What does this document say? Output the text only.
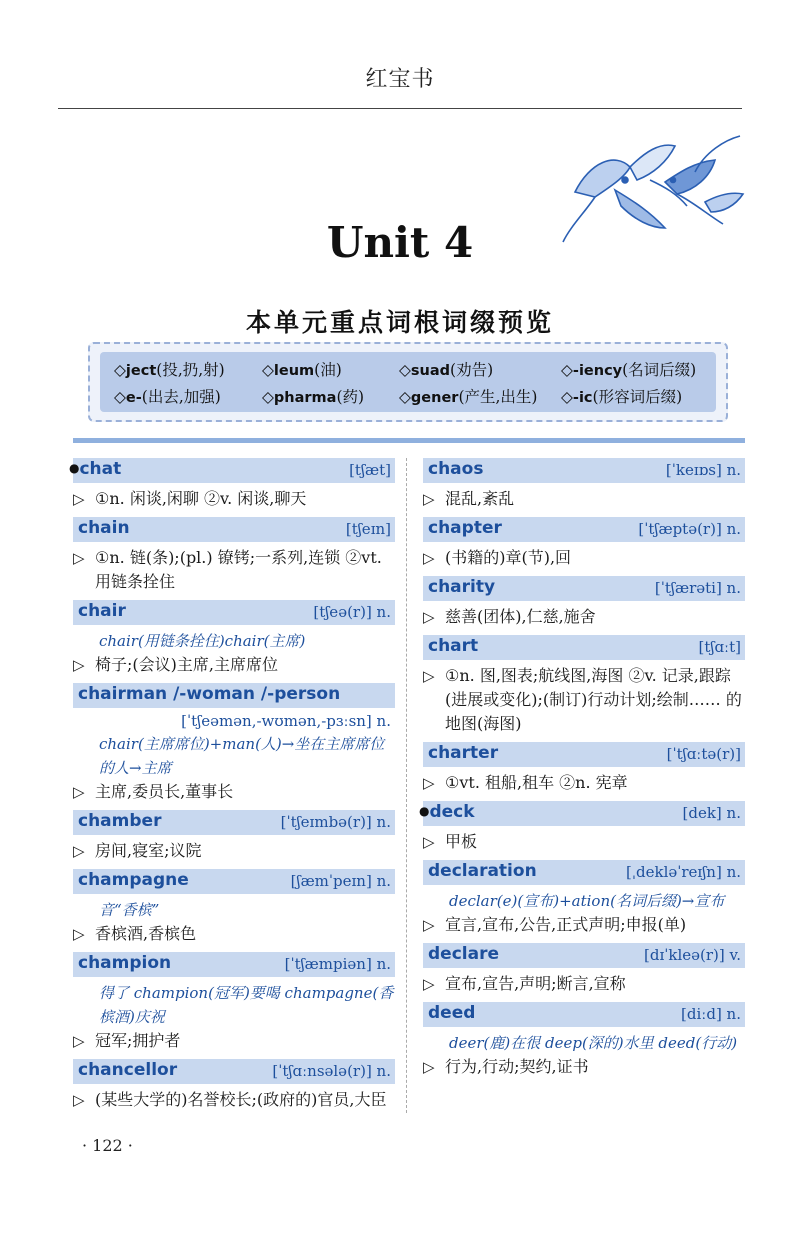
红宝书
Unit 4
本单元重点词根词缀预览
◇ject(投,扔,射)	◇leum(油)	◇suad(劝告)	◇-iency(名词后缀)
◇e-(出去,加强)	◇pharma(药)	◇gener(产生,出生)	◇-ic(形容词后缀)
● chat	[tʃæt]
▷ ①n. 闲谈,闲聊 ②v. 闲谈,聊天
chain	[tʃeɪn]
▷ ①n. 链(条);(pl.) 镣铐;一系列,连锁 ②vt. 用链条拴住
chair	[tʃeə(r)] n.
chair(用链条拴住)chair(主席)
▷ 椅子;(会议)主席,主席席位
chairman /-woman /-person
[ˈtʃeəmən,-wʊmən,-pɜːsn] n.
chair(主席席位)+man(人)→坐在主席席位的人→主席
▷ 主席,委员长,董事长
chamber	[ˈtʃeɪmbə(r)] n.
▷ 房间,寝室;议院
champagne	[ʃæmˈpeɪn] n.
音“香槟”
▷ 香槟酒,香槟色
champion	[ˈtʃæmpiən] n.
得了 champion(冠军)要喝 champagne(香槟酒)庆祝
▷ 冠军;拥护者
chancellor	[ˈtʃɑːnsələ(r)] n.
▷ (某些大学的)名誉校长;(政府的)官员,大臣
chaos	[ˈkeɪɒs] n.
▷ 混乱,紊乱
chapter	[ˈtʃæptə(r)] n.
▷ (书籍的)章(节),回
charity	[ˈtʃærəti] n.
▷ 慈善(团体),仁慈,施舍
chart	[tʃɑːt]
▷ ①n. 图,图表;航线图,海图 ②v. 记录,跟踪(进展或变化);(制订)行动计划;绘制…… 的地图(海图)
charter	[ˈtʃɑːtə(r)]
▷ ①vt. 租船,租车 ②n. 宪章
● deck	[dek] n.
▷ 甲板
declaration	[ˌdekləˈreɪʃn] n.
declar(e)(宣布)+ation(名词后缀)→宣布
▷ 宣言,宣布,公告,正式声明;申报(单)
declare	[dɪˈkleə(r)] v.
▷ 宣布,宣告,声明;断言,宣称
deed	[diːd] n.
deer(鹿)在很 deep(深的)水里 deed(行动)
▷ 行为,行动;契约,证书
· 122 ·
